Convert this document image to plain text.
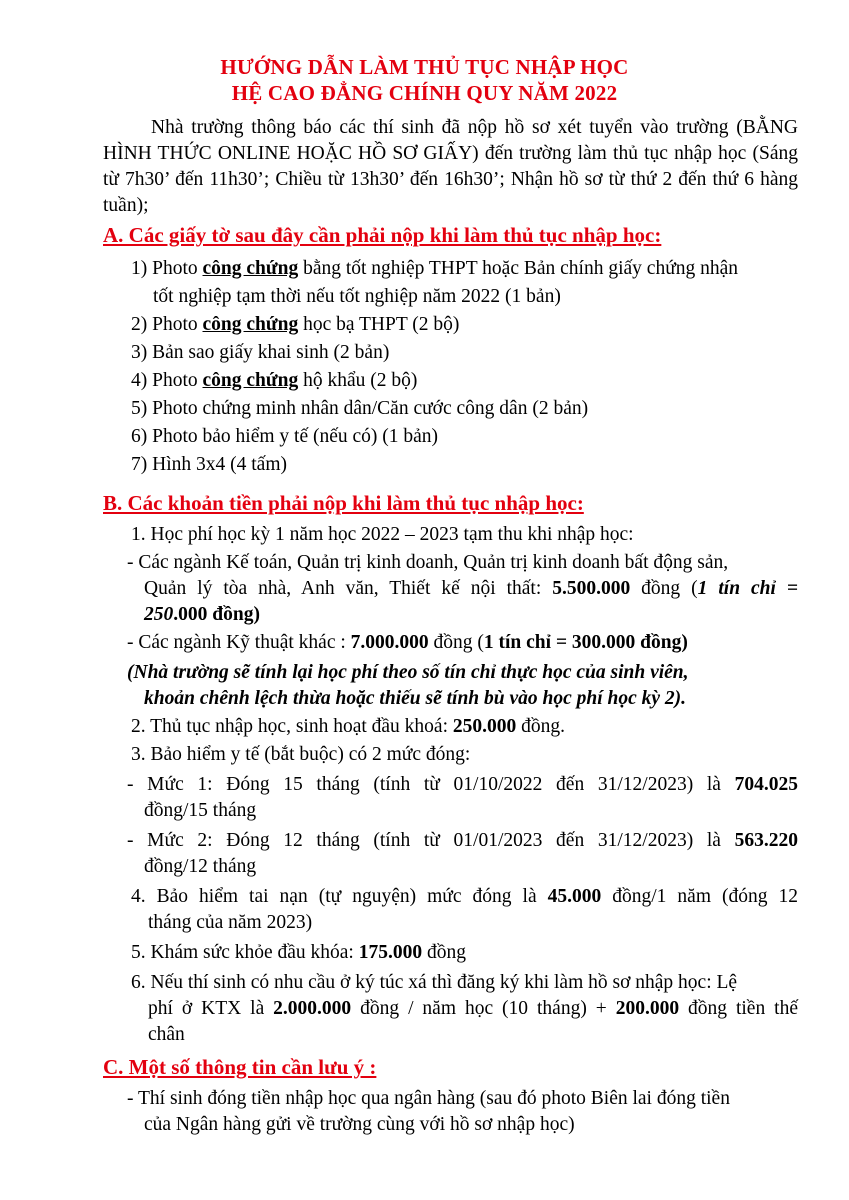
HƯỚNG DẪN LÀM THỦ TỤC NHẬP HỌC
HỆ CAO ĐẲNG CHÍNH QUY NĂM 2022
Nhà trường thông báo các thí sinh đã nộp hồ sơ xét tuyển vào trường (BẰNG HÌNH THỨC ONLINE HOẶC HỒ SƠ GIẤY) đến trường làm thủ tục nhập học (Sáng từ 7h30’ đến 11h30’; Chiều từ 13h30’ đến 16h30’; Nhận hồ sơ từ thứ 2 đến thứ 6 hàng tuần);
A. Các giấy tờ sau đây cần phải nộp khi làm thủ tục nhập học:
1) Photo công chứng bằng tốt nghiệp THPT hoặc Bản chính giấy chứng nhận
tốt nghiệp tạm thời nếu tốt nghiệp năm 2022 (1 bản)
2) Photo công chứng học bạ THPT (2 bộ)
3) Bản sao giấy khai sinh (2 bản)
4) Photo công chứng hộ khẩu (2 bộ)
5) Photo chứng minh nhân dân/Căn cước công dân (2 bản)
6) Photo bảo hiểm y tế (nếu có) (1 bản)
7) Hình 3x4 (4 tấm)
B. Các khoản tiền phải nộp khi làm thủ tục nhập học:
1. Học phí học kỳ 1 năm học 2022 – 2023 tạm thu khi nhập học:
- Các ngành Kế toán, Quản trị kinh doanh, Quản trị kinh doanh bất động sản,
Quản lý tòa nhà, Anh văn, Thiết kế nội thất: 5.500.000 đồng (1 tín chỉ =
250.000 đồng)
- Các ngành Kỹ thuật khác : 7.000.000 đồng (1 tín chỉ = 300.000 đồng)
(Nhà trường sẽ tính lại học phí theo số tín chỉ thực học của sinh viên,
khoản chênh lệch thừa hoặc thiếu sẽ tính bù vào học phí học kỳ 2).
2. Thủ tục nhập học, sinh hoạt đầu khoá: 250.000 đồng.
3. Bảo hiểm y tế (bắt buộc) có 2 mức đóng:
- Mức 1: Đóng 15 tháng (tính từ 01/10/2022 đến 31/12/2023) là 704.025
đồng/15 tháng
- Mức 2: Đóng 12 tháng (tính từ 01/01/2023 đến 31/12/2023) là 563.220
đồng/12 tháng
4. Bảo hiểm tai nạn (tự nguyện) mức đóng là 45.000 đồng/1 năm (đóng 12
tháng của năm 2023)
5. Khám sức khỏe đầu khóa: 175.000 đồng
6. Nếu thí sinh có nhu cầu ở ký túc xá thì đăng ký khi làm hồ sơ nhập học: Lệ
phí ở KTX là 2.000.000 đồng / năm học (10 tháng) + 200.000 đồng tiền thế
chân
C. Một số thông tin cần lưu ý :
- Thí sinh đóng tiền nhập học qua ngân hàng (sau đó photo Biên lai đóng tiền
của Ngân hàng gửi về trường cùng với hồ sơ nhập học)
